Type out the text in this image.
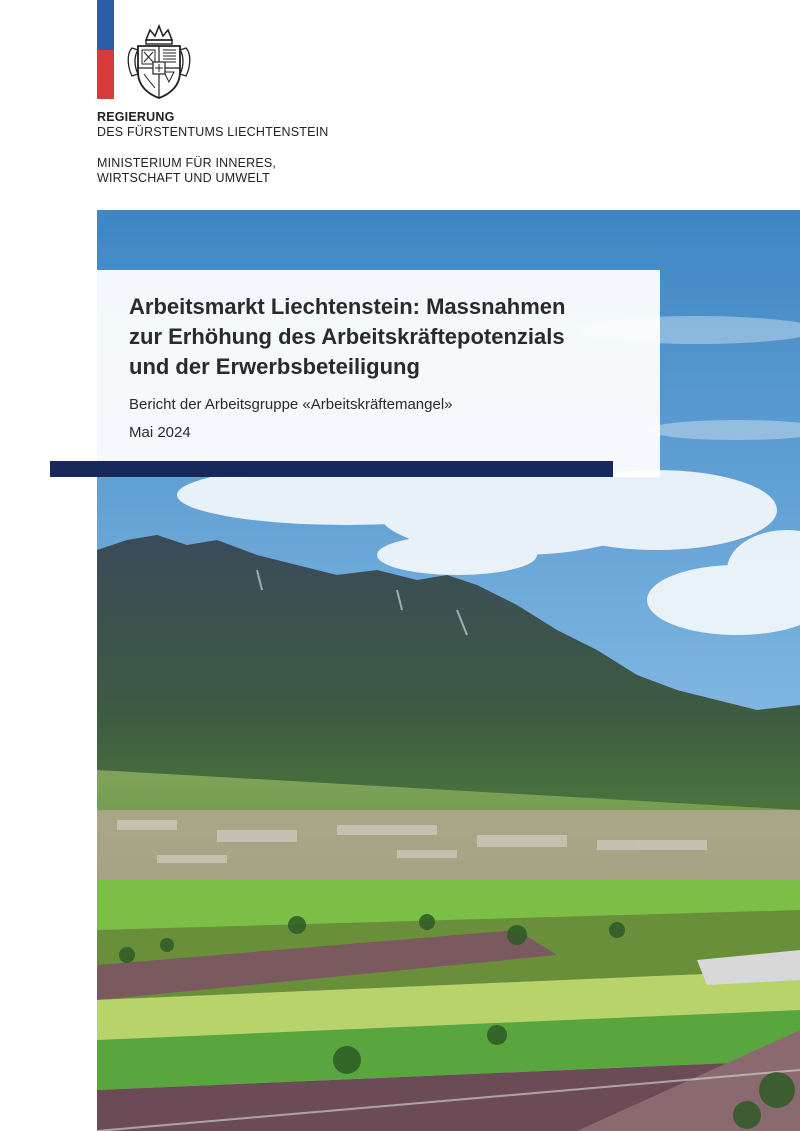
REGIERUNG
DES FÜRSTENTUMS LIECHTENSTEIN
MINISTERIUM FÜR INNERES,
WIRTSCHAFT UND UMWELT
Arbeitsmarkt Liechtenstein: Massnahmen
zur Erhöhung des Arbeitskräftepotenzials
und der Erwerbsbeteiligung
Bericht der Arbeitsgruppe «Arbeitskräftemangel»
Mai 2024
